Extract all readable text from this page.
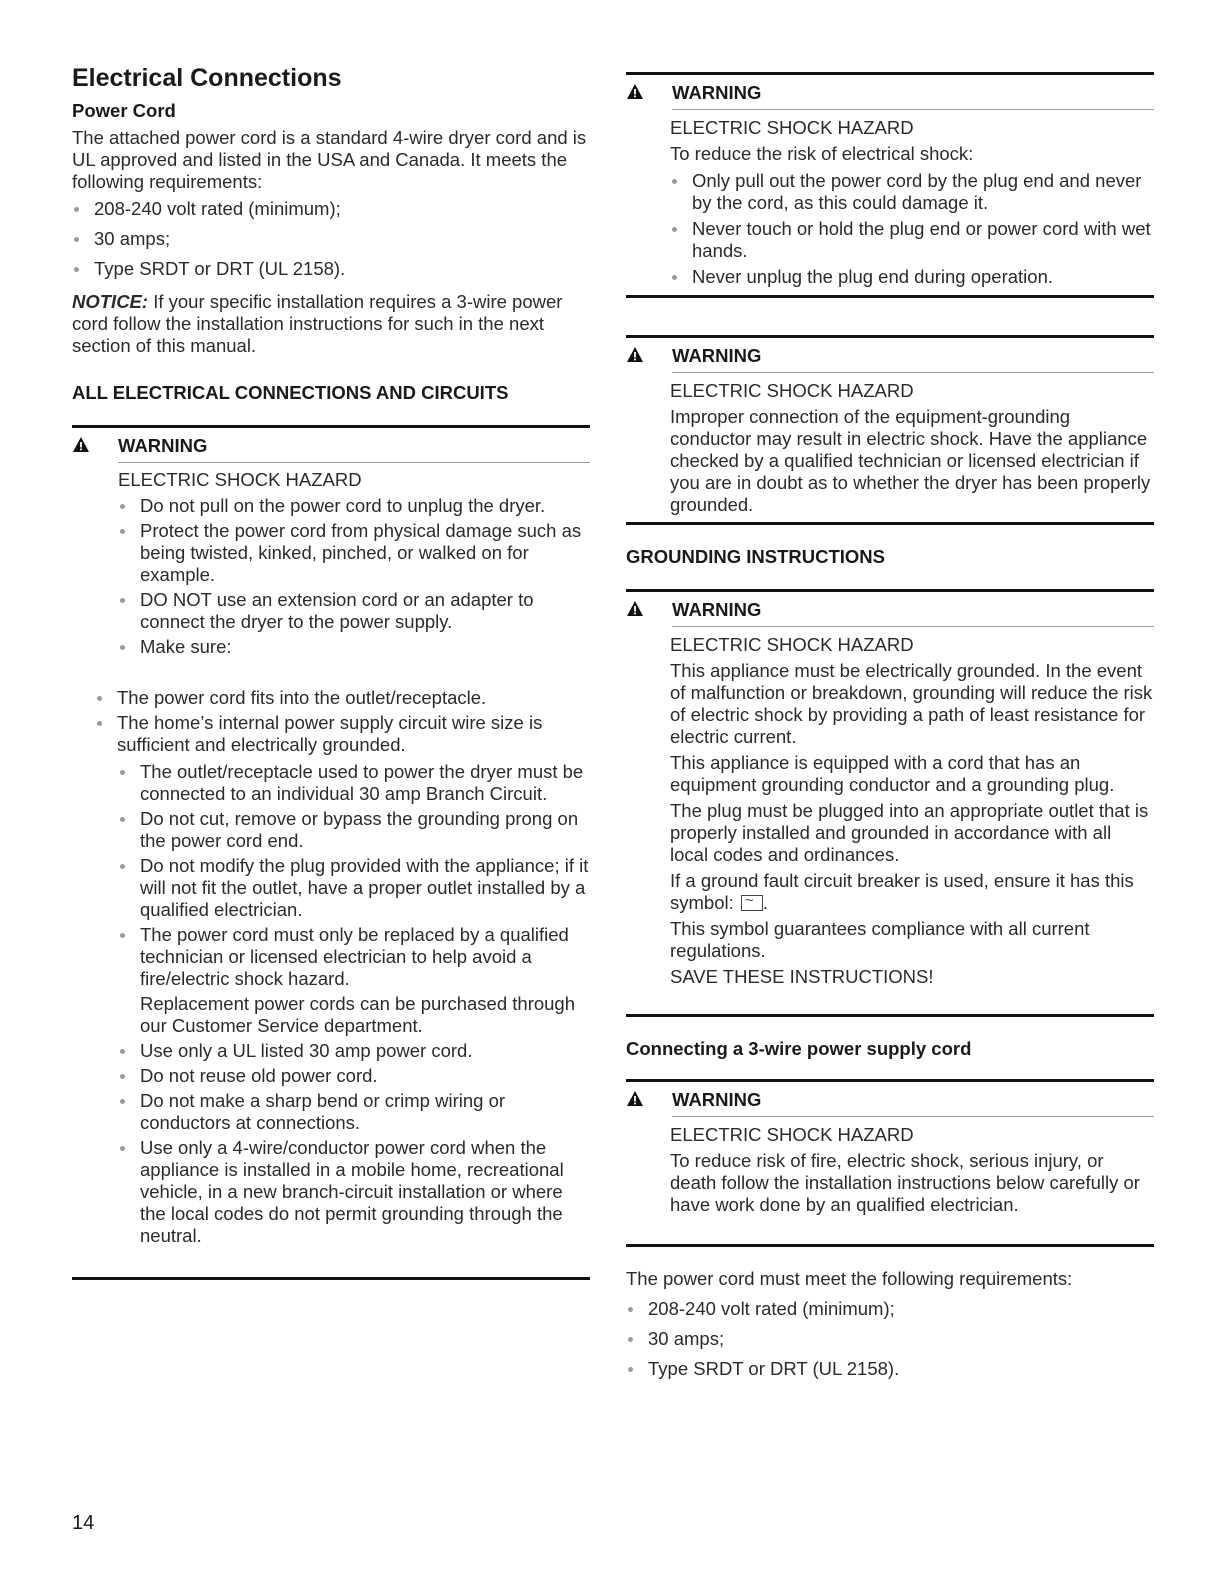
Electrical Connections
Power Cord

The attached power cord is a standard 4-wire dryer cord and is UL approved and listed in the USA and Canada. It meets the following requirements:

208-240 volt rated (minimum);
30 amps;
Type SRDT or DRT (UL 2158).

NOTICE: If your specific installation requires a 3-wire power cord follow the installation instructions for such in the next section of this manual.

ALL ELECTRICAL CONNECTIONS AND CIRCUITS
WARNING
ELECTRIC SHOCK HAZARD
Do not pull on the power cord to unplug the dryer.
Protect the power cord from physical damage such as being twisted, kinked, pinched, or walked on for example.
DO NOT use an extension cord or an adapter to connect the dryer to the power supply.
Make sure:
The power cord fits into the outlet/receptacle.
The home’s internal power supply circuit wire size is sufficient and electrically grounded.
The outlet/receptacle used to power the dryer must be connected to an individual 30 amp Branch Circuit.
Do not cut, remove or bypass the grounding prong on the power cord end.
Do not modify the plug provided with the appliance; if it will not fit the outlet, have a proper outlet installed by a qualified electrician.
The power cord must only be replaced by a qualified technician or licensed electrician to help avoid a fire/electric shock hazard.
Replacement power cords can be purchased through our Customer Service department.
Use only a UL listed 30 amp power cord.
Do not reuse old power cord.
Do not make a sharp bend or crimp wiring or conductors at connections.
Use only a 4-wire/conductor power cord when the appliance is installed in a mobile home, recreational vehicle, in a new branch-circuit installation or where the local codes do not permit grounding through the neutral.
WARNING
ELECTRIC SHOCK HAZARD
To reduce the risk of electrical shock:
Only pull out the power cord by the plug end and never by the cord, as this could damage it.
Never touch or hold the plug end or power cord with wet hands.
Never unplug the plug end during operation.
WARNING
ELECTRIC SHOCK HAZARD
Improper connection of the equipment-grounding conductor may result in electric shock. Have the appliance checked by a qualified technician or licensed electrician if you are in doubt as to whether the dryer has been properly grounded.
GROUNDING INSTRUCTIONS
WARNING
ELECTRIC SHOCK HAZARD
This appliance must be electrically grounded. In the event of malfunction or breakdown, grounding will reduce the risk of electric shock by providing a path of least resistance for electric current.
This appliance is equipped with a cord that has an equipment grounding conductor and a grounding plug.
The plug must be plugged into an appropriate outlet that is properly installed and grounded in accordance with all local codes and ordinances.
If a ground fault circuit breaker is used, ensure it has this symbol: ~.
This symbol guarantees compliance with all current regulations.
SAVE THESE INSTRUCTIONS!
Connecting a 3-wire power supply cord
WARNING
ELECTRIC SHOCK HAZARD
To reduce risk of fire, electric shock, serious injury, or death follow the installation instructions below carefully or have work done by an qualified electrician.

The power cord must meet the following requirements:

208-240 volt rated (minimum);
30 amps;
Type SRDT or DRT (UL 2158).
14
